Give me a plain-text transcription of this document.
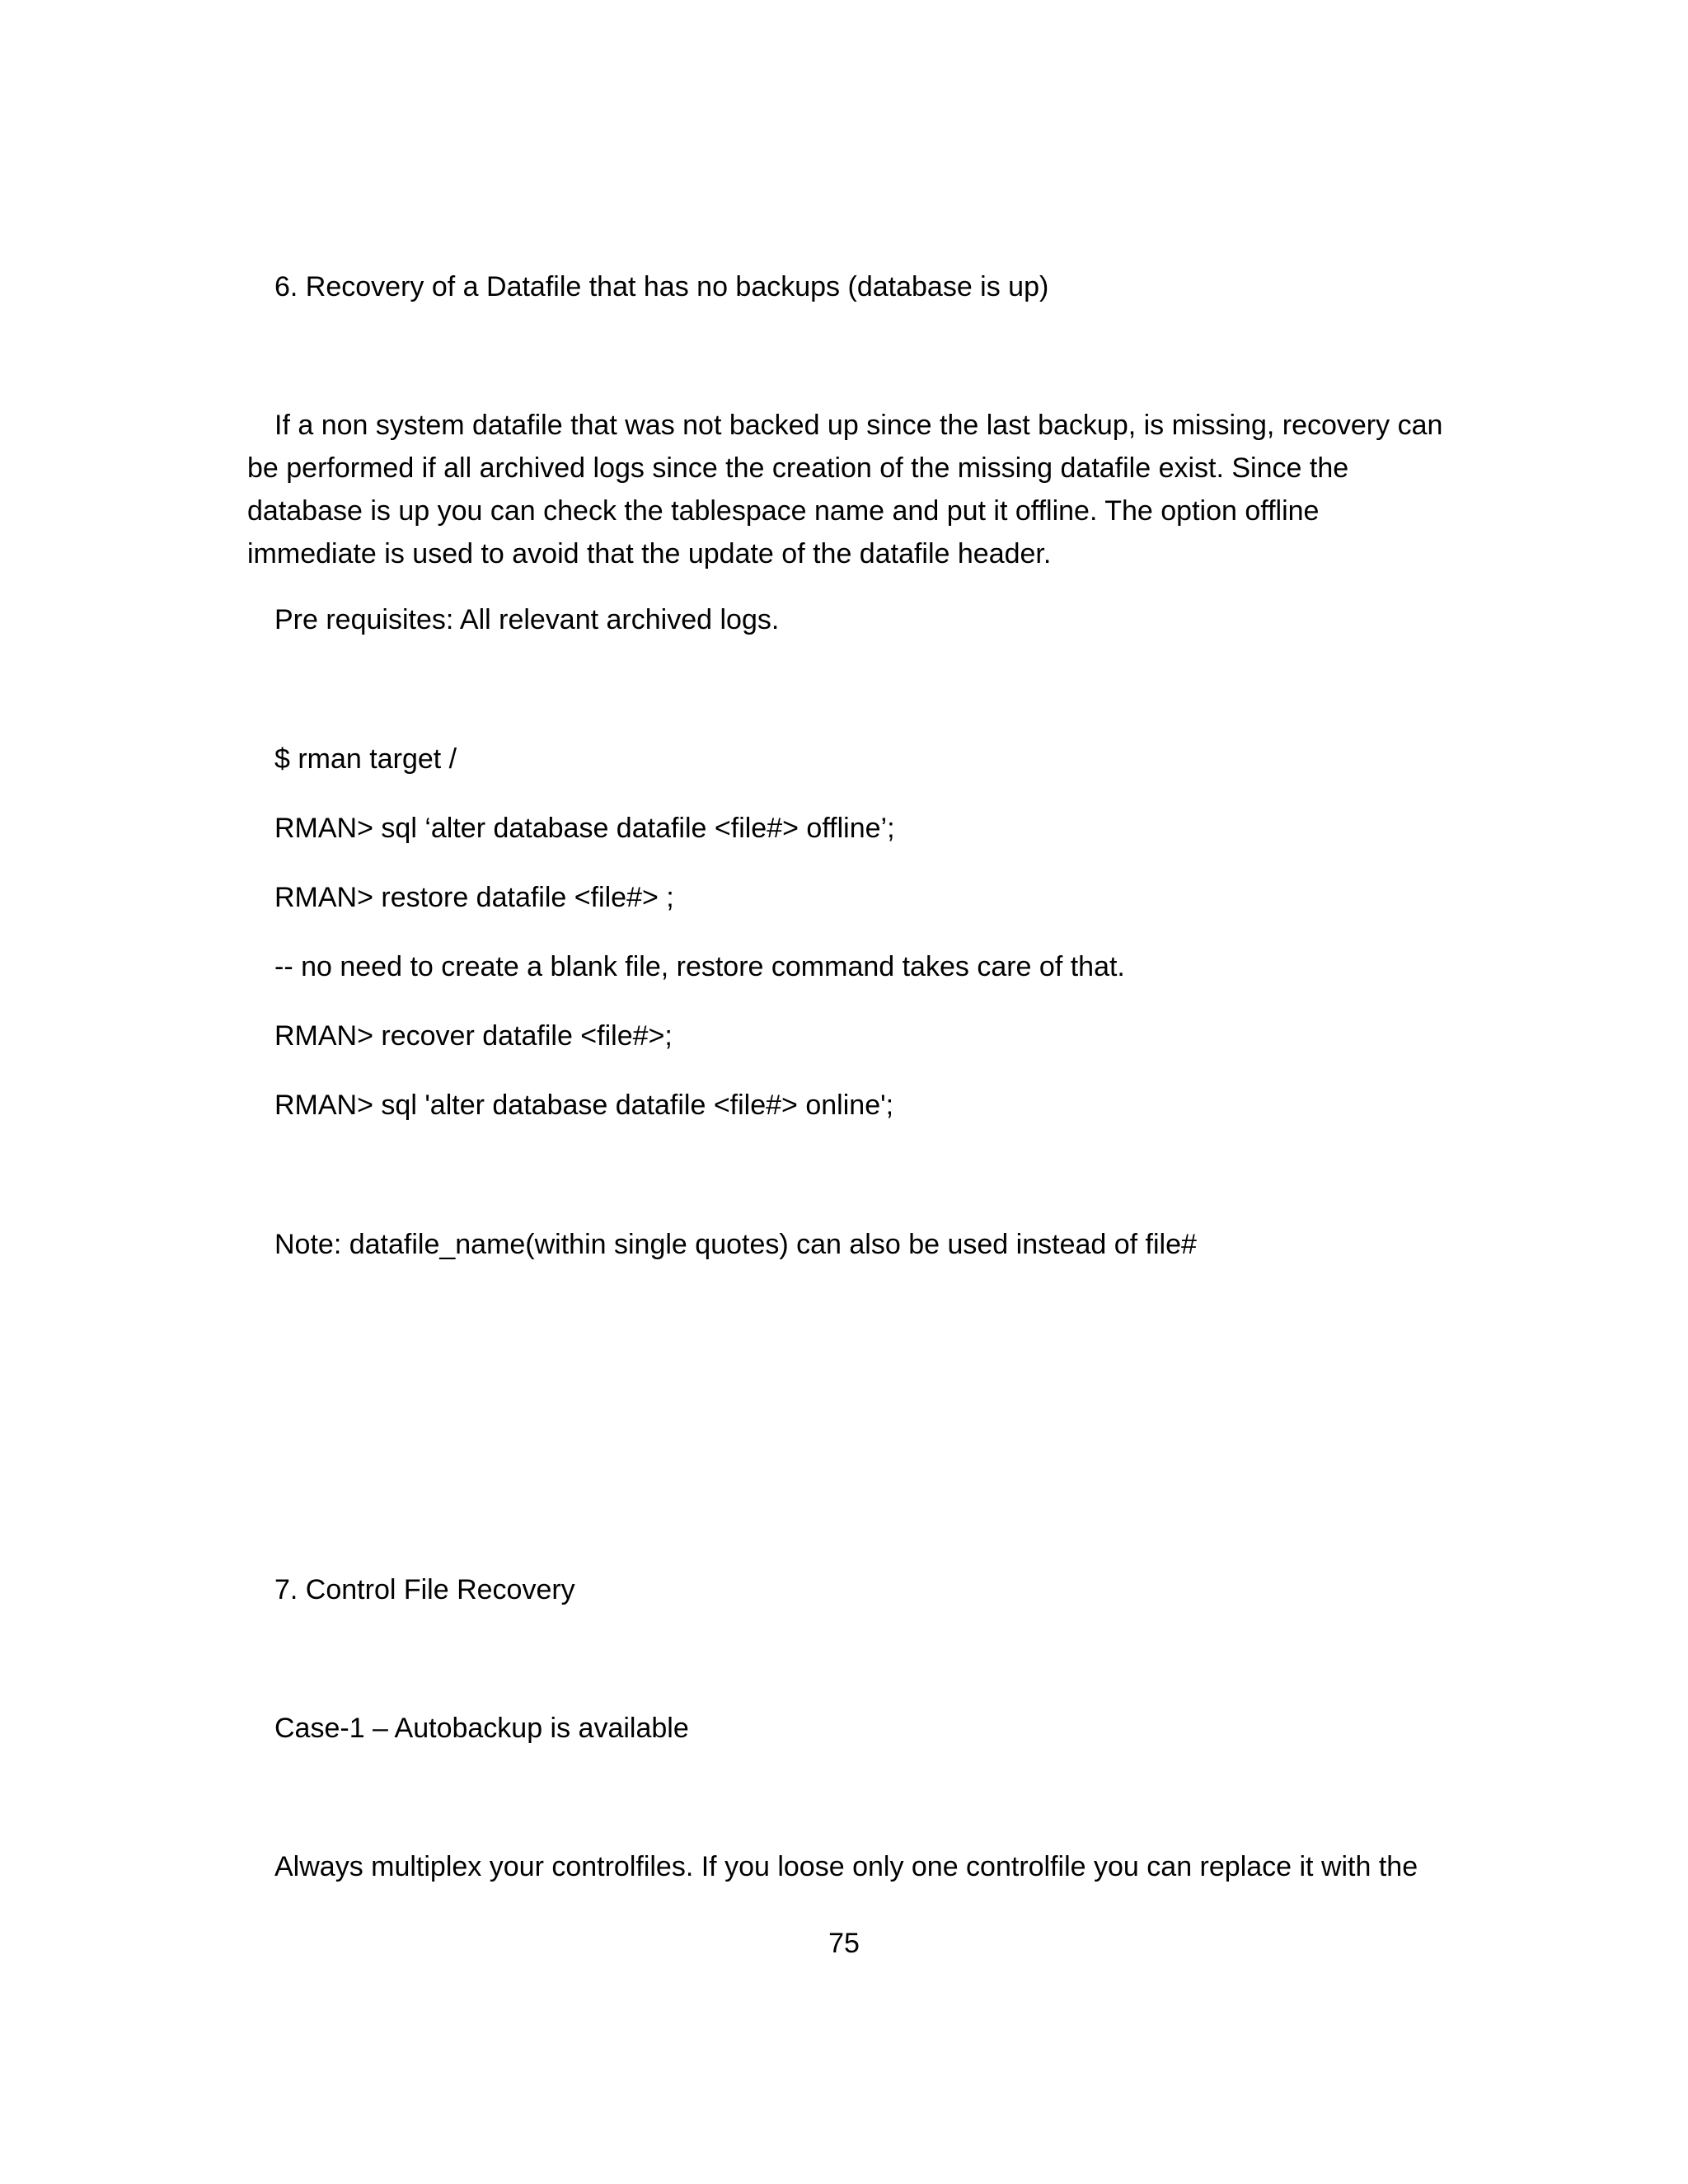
6. Recovery of a Datafile that has no backups (database is up)

If a non system datafile that was not backed up since the last backup, is missing, recovery can be performed if all archived logs since the creation of the missing datafile exist. Since the database is up you can check the tablespace name and put it offline. The option offline immediate is used to avoid that the update of the datafile header.

Pre requisites: All relevant archived logs.
$ rman target /
RMAN> sql ‘alter database datafile <file#> offline’;
RMAN> restore datafile <file#> ;
-- no need to create a blank file, restore command takes care of that.
RMAN> recover datafile <file#>;
RMAN> sql 'alter database datafile <file#> online';
Note: datafile_name(within single quotes) can also be used instead of file#
7. Control File Recovery
Case-1 – Autobackup is available
Always multiplex your controlfiles. If you loose only one controlfile you can replace it with the
75
